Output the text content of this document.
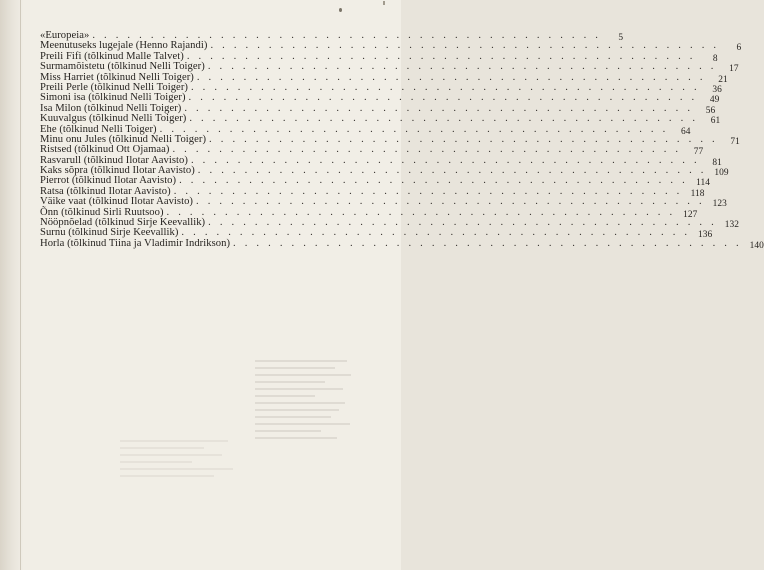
«Europeia» . . .	5
Meenutuseks lugejale (Henno Rajandi) . . .	6
Preili Fifi (tõlkinud Malle Talvet) . . .	8
Surmamõistetu (tõlkinud Nelli Toiger) . . .	17
Miss Harriet (tõlkinud Nelli Toiger) . . .	21
Preili Perle (tõlkinud Nelli Toiger) . . .	36
Simoni isa (tõlkinud Nelli Toiger) . . .	49
Isa Milon (tõlkinud Nelli Toiger) . . .	56
Kuuvalgus (tõlkinud Nelli Toiger) . . .	61
Ehe (tõlkinud Nelli Toiger) . . .	64
Minu onu Jules (tõlkinud Nelli Toiger) . . .	71
Ristsed (tõlkinud Ott Ojamaa) . . .	77
Rasvarull (tõlkinud Ilotar Aavisto) . . .	81
Kaks sõpra (tõlkinud Ilotar Aavisto) . . .	109
Pierrot (tõlkinud Ilotar Aavisto) . . .	114
Ratsa (tõlkinud Ilotar Aavisto) . . .	118
Väike vaat (tõlkinud Ilotar Aavisto) . . .	123
Õnn (tõlkinud Sirli Ruutsoo) . . .	127
Nööpnõelad (tõlkinud Sirje Keevallik) . . .	132
Surnu (tõlkinud Sirje Keevallik) . . .	136
Horla (tõlkinud Tiina ja Vladimir Indrikson) . . .	140
